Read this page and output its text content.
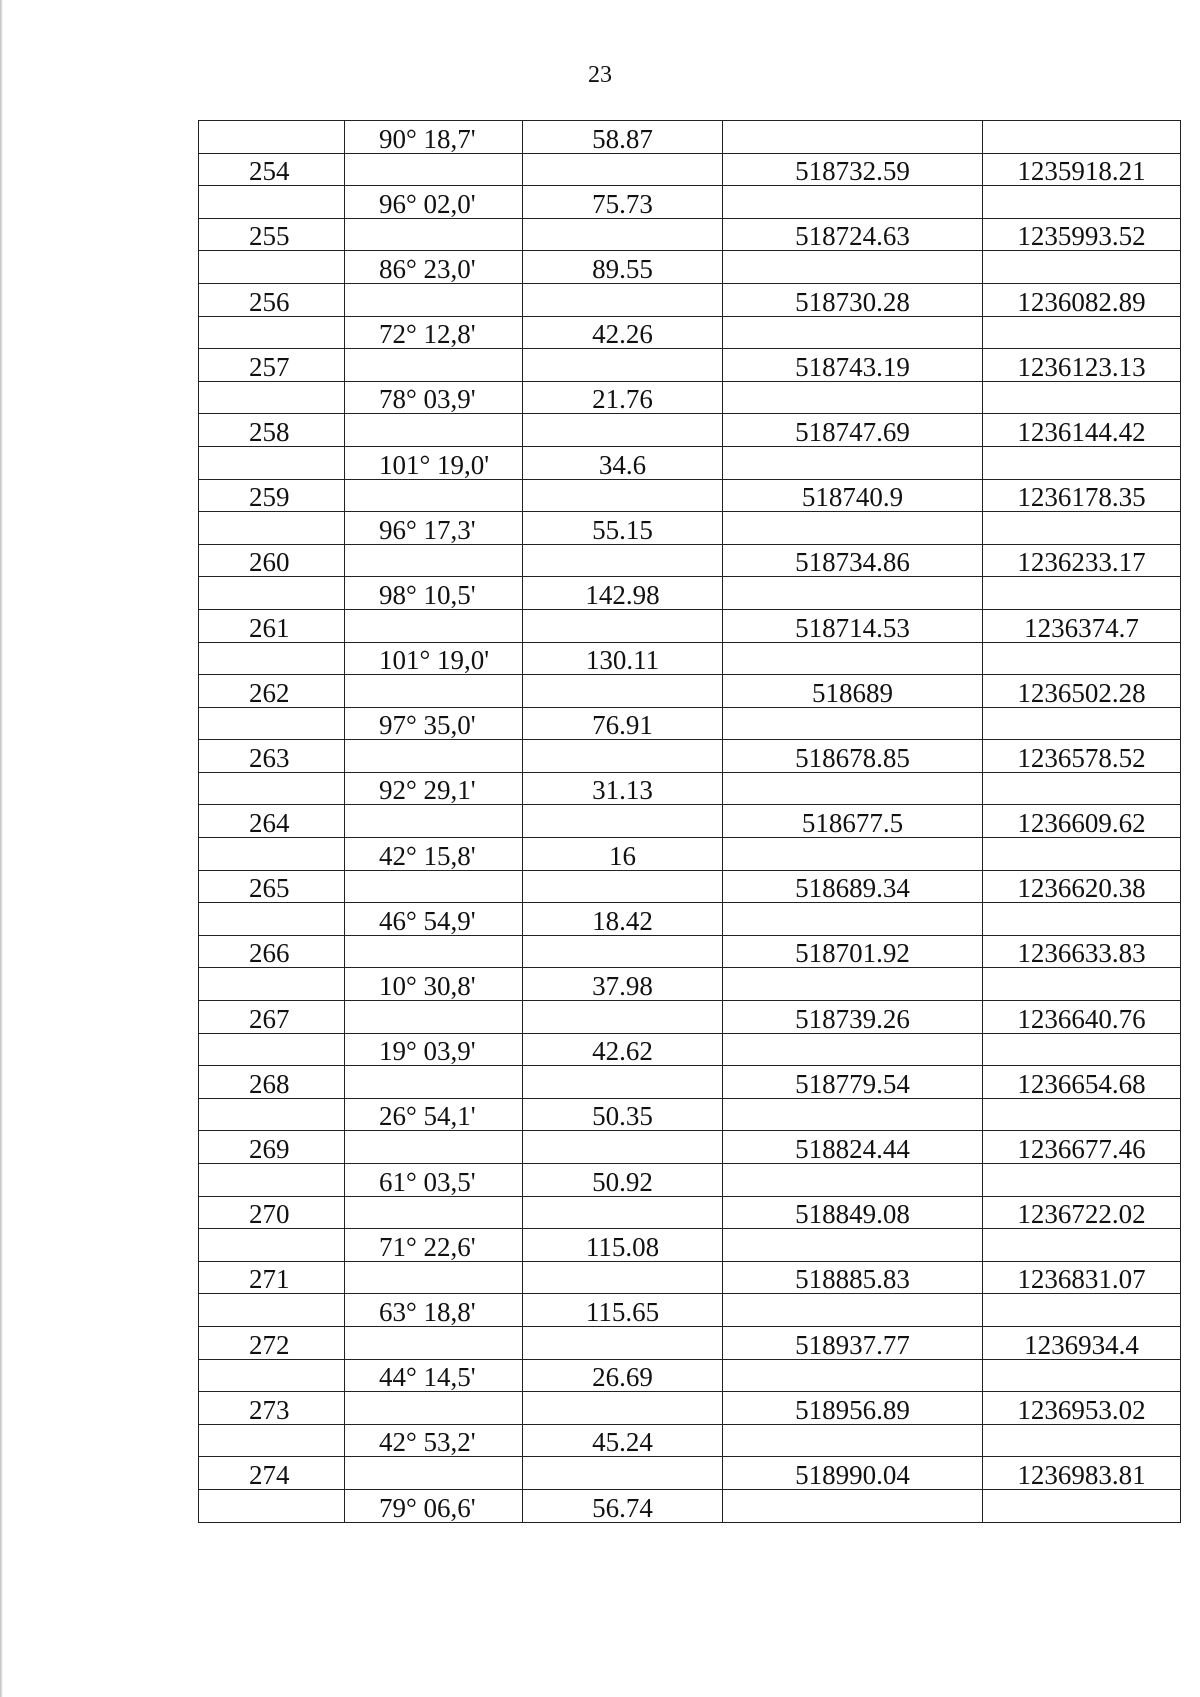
23
	90° 18,7'	58.87		
254			518732.59	1235918.21
	96° 02,0'	75.73		
255			518724.63	1235993.52
	86° 23,0'	89.55		
256			518730.28	1236082.89
	72° 12,8'	42.26		
257			518743.19	1236123.13
	78° 03,9'	21.76		
258			518747.69	1236144.42
	101° 19,0'	34.6		
259			518740.9	1236178.35
	96° 17,3'	55.15		
260			518734.86	1236233.17
	98° 10,5'	142.98		
261			518714.53	1236374.7
	101° 19,0'	130.11		
262			518689	1236502.28
	97° 35,0'	76.91		
263			518678.85	1236578.52
	92° 29,1'	31.13		
264			518677.5	1236609.62
	42° 15,8'	16		
265			518689.34	1236620.38
	46° 54,9'	18.42		
266			518701.92	1236633.83
	10° 30,8'	37.98		
267			518739.26	1236640.76
	19° 03,9'	42.62		
268			518779.54	1236654.68
	26° 54,1'	50.35		
269			518824.44	1236677.46
	61° 03,5'	50.92		
270			518849.08	1236722.02
	71° 22,6'	115.08		
271			518885.83	1236831.07
	63° 18,8'	115.65		
272			518937.77	1236934.4
	44° 14,5'	26.69		
273			518956.89	1236953.02
	42° 53,2'	45.24		
274			518990.04	1236983.81
	79° 06,6'	56.74		
